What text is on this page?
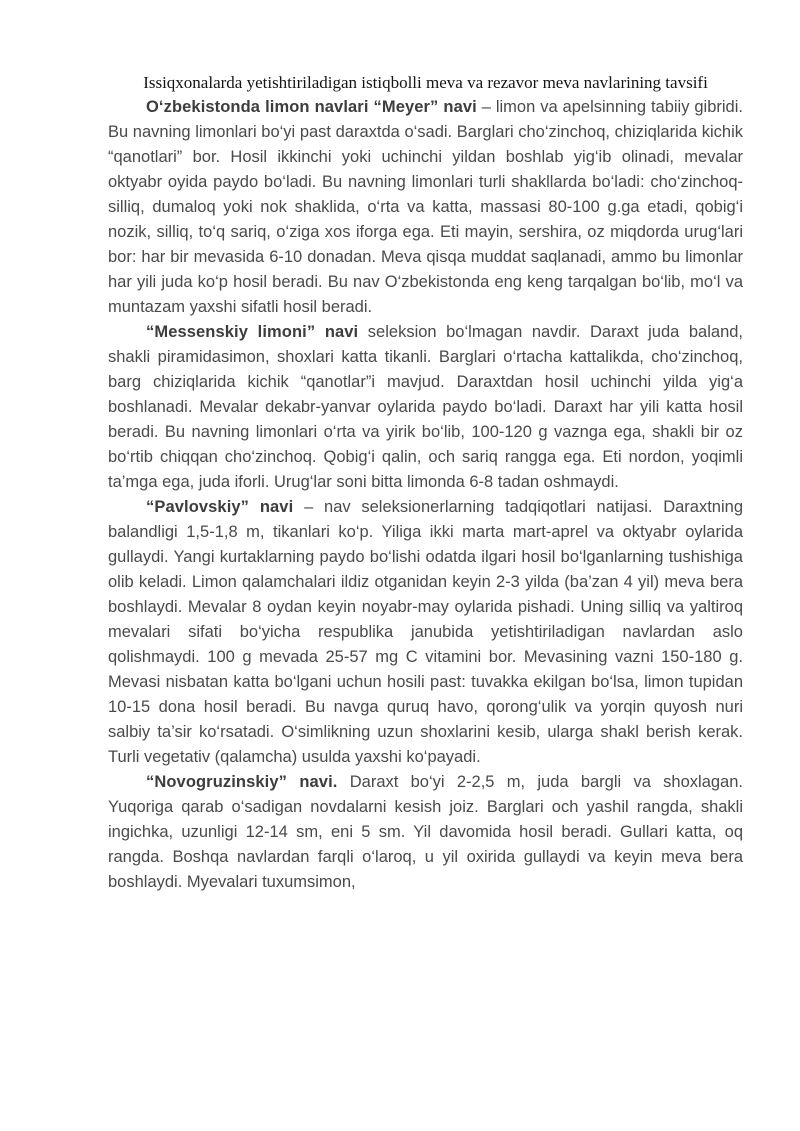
Issiqxonalarda yetishtiriladigan istiqbolli meva va rezavor meva navlarining tavsifi

O‘zbekistonda limon navlari “Meyer” navi – limon va apelsinning tabiiy gibridi. Bu navning limonlari bo‘yi past daraxtda o‘sadi. Barglari cho‘zinchoq, chiziqlarida kichik “qanotlari” bor. Hosil ikkinchi yoki uchinchi yildan boshlab yig‘ib olinadi, mevalar oktyabr oyida paydo bo‘ladi. Bu navning limonlari turli shakllarda bo‘ladi: cho‘zinchoq-silliq, dumaloq yoki nok shaklida, o‘rta va katta, massasi 80-100 g.ga etadi, qobig‘i nozik, silliq, to‘q sariq, o‘ziga xos iforga ega. Eti mayin, sershira, oz miqdorda urug‘lari bor: har bir mevasida 6-10 donadan. Meva qisqa muddat saqlanadi, ammo bu limonlar har yili juda ko‘p hosil beradi. Bu nav O‘zbekistonda eng keng tarqalgan bo‘lib, mo‘l va muntazam yaxshi sifatli hosil beradi.

“Messenskiy limoni” navi seleksion bo‘lmagan navdir. Daraxt juda baland, shakli piramidasimon, shoxlari katta tikanli. Barglari o‘rtacha kattalikda, cho‘zinchoq, barg chiziqlarida kichik “qanotlar”i mavjud. Daraxtdan hosil uchinchi yilda yig‘a boshlanadi. Mevalar dekabr-yanvar oylarida paydo bo‘ladi. Daraxt har yili katta hosil beradi. Bu navning limonlari o‘rta va yirik bo‘lib, 100-120 g vaznga ega, shakli bir oz bo‘rtib chiqqan cho‘zinchoq. Qobig‘i qalin, och sariq rangga ega. Eti nordon, yoqimli ta’mga ega, juda iforli. Urug‘lar soni bitta limonda 6-8 tadan oshmaydi.

“Pavlovskiy” navi – nav seleksionerlarning tadqiqotlari natijasi. Daraxtning balandligi 1,5-1,8 m, tikanlari ko‘p. Yiliga ikki marta mart-aprel va oktyabr oylarida gullaydi. Yangi kurtaklarning paydo bo‘lishi odatda ilgari hosil bo‘lganlarning tushishiga olib keladi. Limon qalamchalari ildiz otganidan keyin 2-3 yilda (ba’zan 4 yil) meva bera boshlaydi. Mevalar 8 oydan keyin noyabr-may oylarida pishadi. Uning silliq va yaltiroq mevalari sifati bo‘yicha respublika janubida yetishtiriladigan navlardan aslo qolishmaydi. 100 g mevada 25-57 mg C vitamini bor. Mevasining vazni 150-180 g. Mevasi nisbatan katta bo‘lgani uchun hosili past: tuvakka ekilgan bo‘lsa, limon tupidan 10-15 dona hosil beradi. Bu navga quruq havo, qorong‘ulik va yorqin quyosh nuri salbiy ta’sir ko‘rsatadi. O‘simlikning uzun shoxlarini kesib, ularga shakl berish kerak. Turli vegetativ (qalamcha) usulda yaxshi ko‘payadi.

“Novogruzinskiy” navi. Daraxt bo‘yi 2-2,5 m, juda bargli va shoxlagan. Yuqoriga qarab o‘sadigan novdalarni kesish joiz. Barglari och yashil rangda, shakli ingichka, uzunligi 12-14 sm, eni 5 sm. Yil davomida hosil beradi. Gullari katta, oq rangda. Boshqa navlardan farqli o‘laroq, u yil oxirida gullaydi va keyin meva bera boshlaydi. Myevalari tuxumsimon,
